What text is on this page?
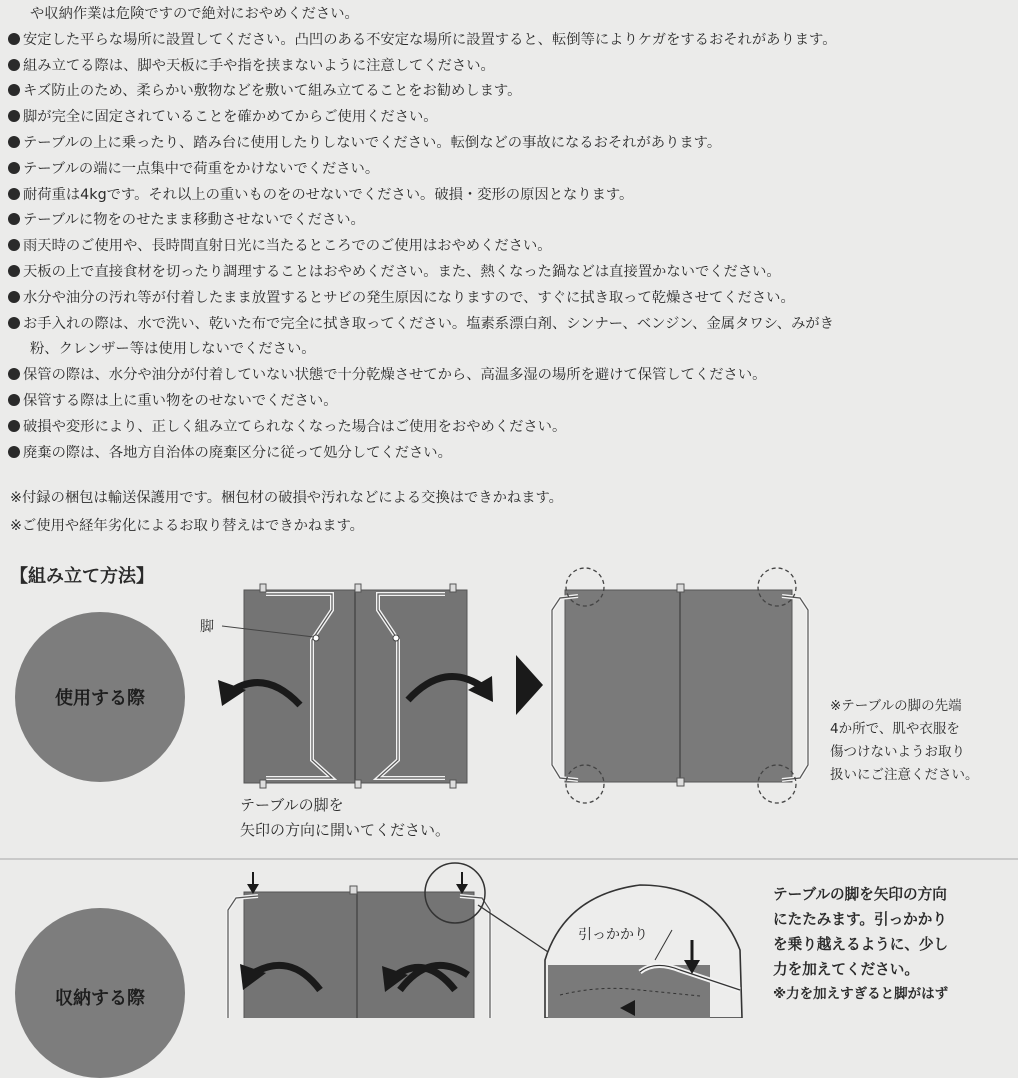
や収納作業は危険ですので絶対におやめください。
安定した平らな場所に設置してください。凸凹のある不安定な場所に設置すると、転倒等によりケガをするおそれがあります。
組み立てる際は、脚や天板に手や指を挟まないように注意してください。
キズ防止のため、柔らかい敷物などを敷いて組み立てることをお勧めします。
脚が完全に固定されていることを確かめてからご使用ください。
テーブルの上に乗ったり、踏み台に使用したりしないでください。転倒などの事故になるおそれがあります。
テーブルの端に一点集中で荷重をかけないでください。
耐荷重は4kgです。それ以上の重いものをのせないでください。破損・変形の原因となります。
テーブルに物をのせたまま移動させないでください。
雨天時のご使用や、長時間直射日光に当たるところでのご使用はおやめください。
天板の上で直接食材を切ったり調理することはおやめください。また、熱くなった鍋などは直接置かないでください。
水分や油分の汚れ等が付着したまま放置するとサビの発生原因になりますので、すぐに拭き取って乾燥させてください。
お手入れの際は、水で洗い、乾いた布で完全に拭き取ってください。塩素系漂白剤、シンナー、ベンジン、金属タワシ、みがき
粉、クレンザー等は使用しないでください。
保管の際は、水分や油分が付着していない状態で十分乾燥させてから、高温多湿の場所を避けて保管してください。
保管する際は上に重い物をのせないでください。
破損や変形により、正しく組み立てられなくなった場合はご使用をおやめください。
廃棄の際は、各地方自治体の廃棄区分に従って処分してください。
※付録の梱包は輸送保護用です。梱包材の破損や汚れなどによる交換はできかねます。
※ご使用や経年劣化によるお取り替えはできかねます。
【組み立て方法】
使用する際
収納する際
脚
テーブルの脚を
矢印の方向に開いてください。
※テーブルの脚の先端
4か所で、肌や衣服を
傷つけないようお取り
扱いにご注意ください。
引っかかり
テーブルの脚を矢印の方向
にたたみます。引っかかり
を乗り越えるように、少し
力を加えてください。
※力を加えすぎると脚がはず
